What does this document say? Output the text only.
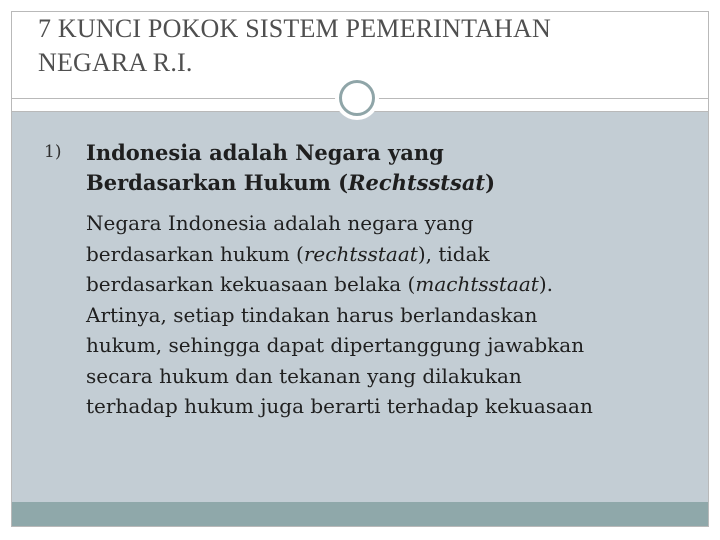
7 KUNCI POKOK SISTEM PEMERINTAHAN
NEGARA R.I.
1) Indonesia adalah Negara yang
Berdasarkan Hukum (Rechtsstsat)
Negara Indonesia adalah negara yang
berdasarkan hukum (rechtsstaat), tidak
berdasarkan kekuasaan belaka (machtsstaat).
Artinya, setiap tindakan harus berlandaskan
hukum, sehingga dapat dipertanggung jawabkan
secara hukum dan tekanan yang dilakukan
terhadap hukum juga berarti terhadap kekuasaan
